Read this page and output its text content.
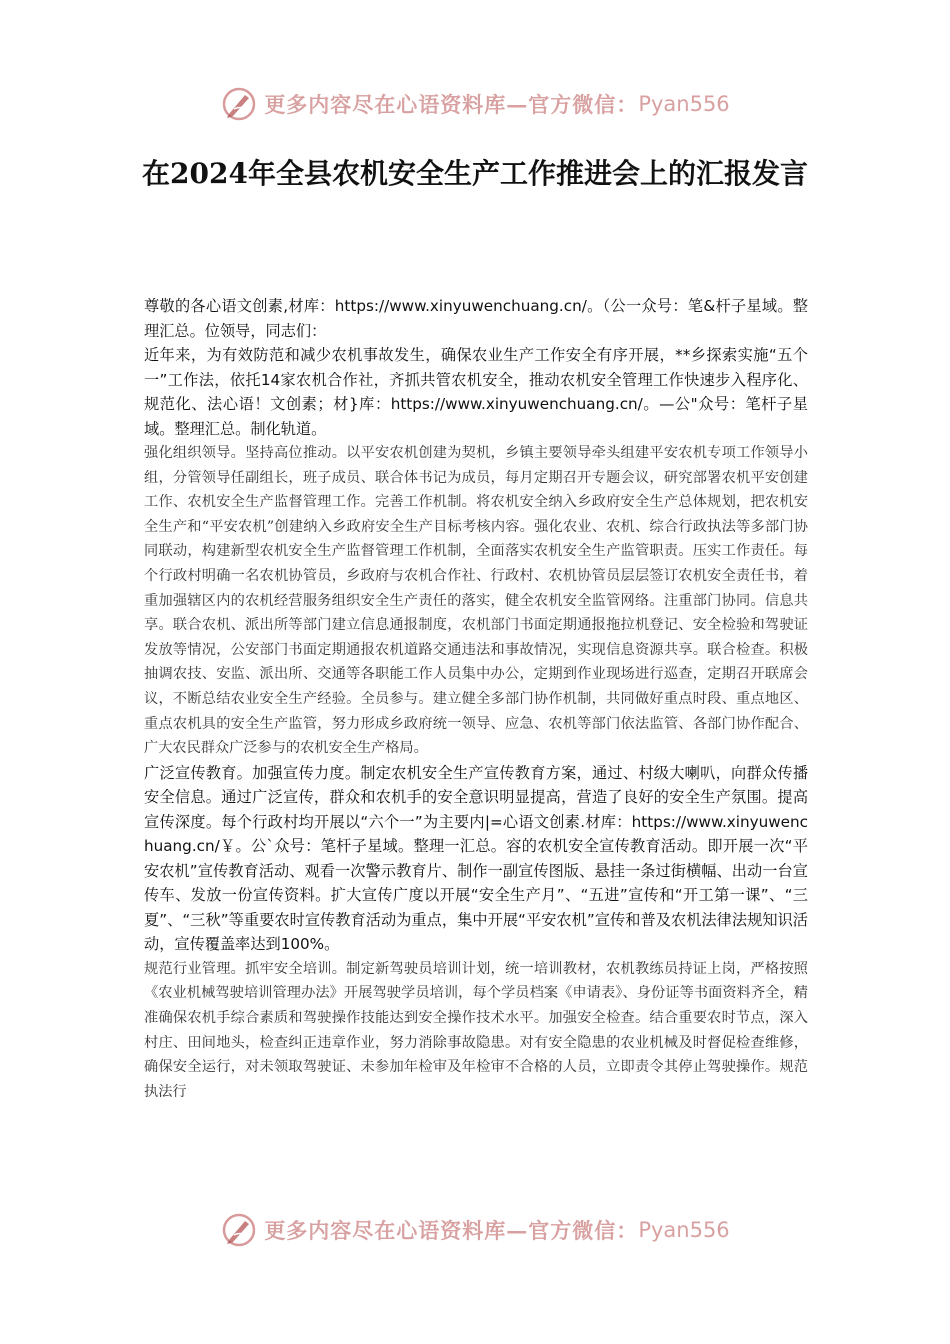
更多内容尽在心语资料库—官方微信： Pyan556
在2024年全县农机安全生产工作推进会上的汇报发言

尊敬的各心语文创素,材库：https://www.xinyuwenchuang.cn/。（公一众号：笔&杆子星域。整理汇总。位领导，同志们：

近年来，为有效防范和减少农机事故发生，确保农业生产工作安全有序开展，**乡探索实施“五个一”工作法，依托14家农机合作社，齐抓共管农机安全，推动农机安全管理工作快速步入程序化、规范化、法心语！文创素；材}库：https://www.xinyuwenchuang.cn/。—公"众号：笔杆子星域。整理汇总。制化轨道。

强化组织领导。坚持高位推动。以平安农机创建为契机，乡镇主要领导牵头组建平安农机专项工作领导小组，分管领导任副组长，班子成员、联合体书记为成员，每月定期召开专题会议，研究部署农机平安创建工作、农机安全生产监督管理工作。完善工作机制。将农机安全纳入乡政府安全生产总体规划，把农机安全生产和“平安农机”创建纳入乡政府安全生产目标考核内容。强化农业、农机、综合行政执法等多部门协同联动，构建新型农机安全生产监督管理工作机制，全面落实农机安全生产监管职责。压实工作责任。每个行政村明确一名农机协管员，乡政府与农机合作社、行政村、农机协管员层层签订农机安全责任书，着重加强辖区内的农机经营服务组织安全生产责任的落实，健全农机安全监管网络。注重部门协同。信息共享。联合农机、派出所等部门建立信息通报制度，农机部门书面定期通报拖拉机登记、安全检验和驾驶证发放等情况，公安部门书面定期通报农机道路交通违法和事故情况，实现信息资源共享。联合检查。积极抽调农技、安监、派出所、交通等各职能工作人员集中办公，定期到作业现场进行巡查，定期召开联席会议，不断总结农业安全生产经验。全员参与。建立健全多部门协作机制，共同做好重点时段、重点地区、重点农机具的安全生产监管，努力形成乡政府统一领导、应急、农机等部门依法监管、各部门协作配合、广大农民群众广泛参与的农机安全生产格局。

广泛宣传教育。加强宣传力度。制定农机安全生产宣传教育方案，通过、村级大喇叭，向群众传播安全信息。通过广泛宣传，群众和农机手的安全意识明显提高，营造了良好的安全生产氛围。提高宣传深度。每个行政村均开展以“六个一”为主要内|=心语文创素.材库：https://www.xinyuwenchuang.cn/￥。公`众号：笔杆子星域。整理一汇总。容的农机安全宣传教育活动。即开展一次“平安农机”宣传教育活动、观看一次警示教育片、制作一副宣传图版、悬挂一条过街横幅、出动一台宣传车、发放一份宣传资料。扩大宣传广度以开展“安全生产月”、“五进”宣传和“开工第一课”、“三夏”、“三秋”等重要农时宣传教育活动为重点，集中开展“平安农机”宣传和普及农机法律法规知识活动，宣传覆盖率达到100%。

规范行业管理。抓牢安全培训。制定新驾驶员培训计划，统一培训教材，农机教练员持证上岗，严格按照《农业机械驾驶培训管理办法》开展驾驶学员培训，每个学员档案《申请表》、身份证等书面资料齐全，精准确保农机手综合素质和驾驶操作技能达到安全操作技术水平。加强安全检查。结合重要农时节点，深入村庄、田间地头，检查纠正违章作业，努力消除事故隐患。对有安全隐患的农业机械及时督促检查维修，确保安全运行，对未领取驾驶证、未参加年检审及年检审不合格的人员，立即责令其停止驾驶操作。规范执法行

更多内容尽在心语资料库—官方微信： Pyan556
